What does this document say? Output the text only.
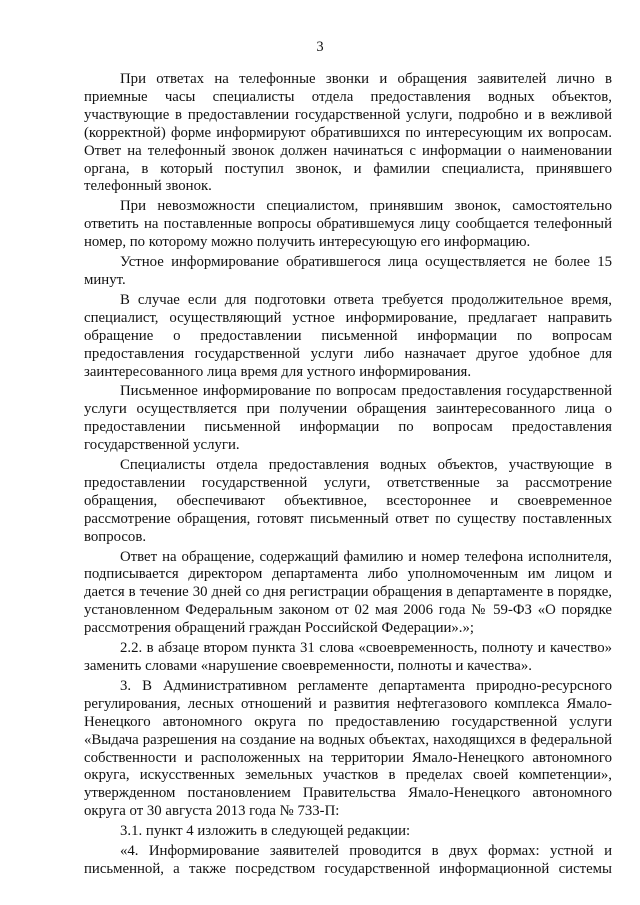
3

При ответах на телефонные звонки и обращения заявителей лично в приемные часы специалисты отдела предоставления водных объектов, участвующие в предоставлении государственной услуги, подробно и в вежливой (корректной) форме информируют обратившихся по интересующим их вопросам. Ответ на телефонный звонок должен начинаться с информации о наименовании органа, в который поступил звонок, и фамилии специалиста, принявшего телефонный звонок.

При невозможности специалистом, принявшим звонок, самостоятельно ответить на поставленные вопросы обратившемуся лицу сообщается телефонный номер, по которому можно получить интересующую его информацию.

Устное информирование обратившегося лица осуществляется не более 15 минут.

В случае если для подготовки ответа требуется продолжительное время, специалист, осуществляющий устное информирование, предлагает направить обращение о предоставлении письменной информации по вопросам предоставления государственной услуги либо назначает другое удобное для заинтересованного лица время для устного информирования.

Письменное информирование по вопросам предоставления государственной услуги осуществляется при получении обращения заинтересованного лица о предоставлении письменной информации по вопросам предоставления государственной услуги.

Специалисты отдела предоставления водных объектов, участвующие в предоставлении государственной услуги, ответственные за рассмотрение обращения, обеспечивают объективное, всестороннее и своевременное рассмотрение обращения, готовят письменный ответ по существу поставленных вопросов.

Ответ на обращение, содержащий фамилию и номер телефона исполнителя, подписывается директором департамента либо уполномоченным им лицом и дается в течение 30 дней со дня регистрации обращения в департаменте в порядке, установленном Федеральным законом от 02 мая 2006 года № 59-ФЗ «О порядке рассмотрения обращений граждан Российской Федерации».»;

2.2. в абзаце втором пункта 31 слова «своевременность, полноту и качество» заменить словами «нарушение своевременности, полноты и качества».

3. В Административном регламенте департамента природно-ресурсного регулирования, лесных отношений и развития нефтегазового комплекса Ямало-Ненецкого автономного округа по предоставлению государственной услуги «Выдача разрешения на создание на водных объектах, находящихся в федеральной собственности и расположенных на территории Ямало-Ненецкого автономного округа, искусственных земельных участков в пределах своей компетенции», утвержденном постановлением Правительства Ямало-Ненецкого автономного округа от 30 августа 2013 года № 733-П:

3.1. пункт 4 изложить в следующей редакции:

«4. Информирование заявителей проводится в двух формах: устной и письменной, а также посредством государственной информационной системы
